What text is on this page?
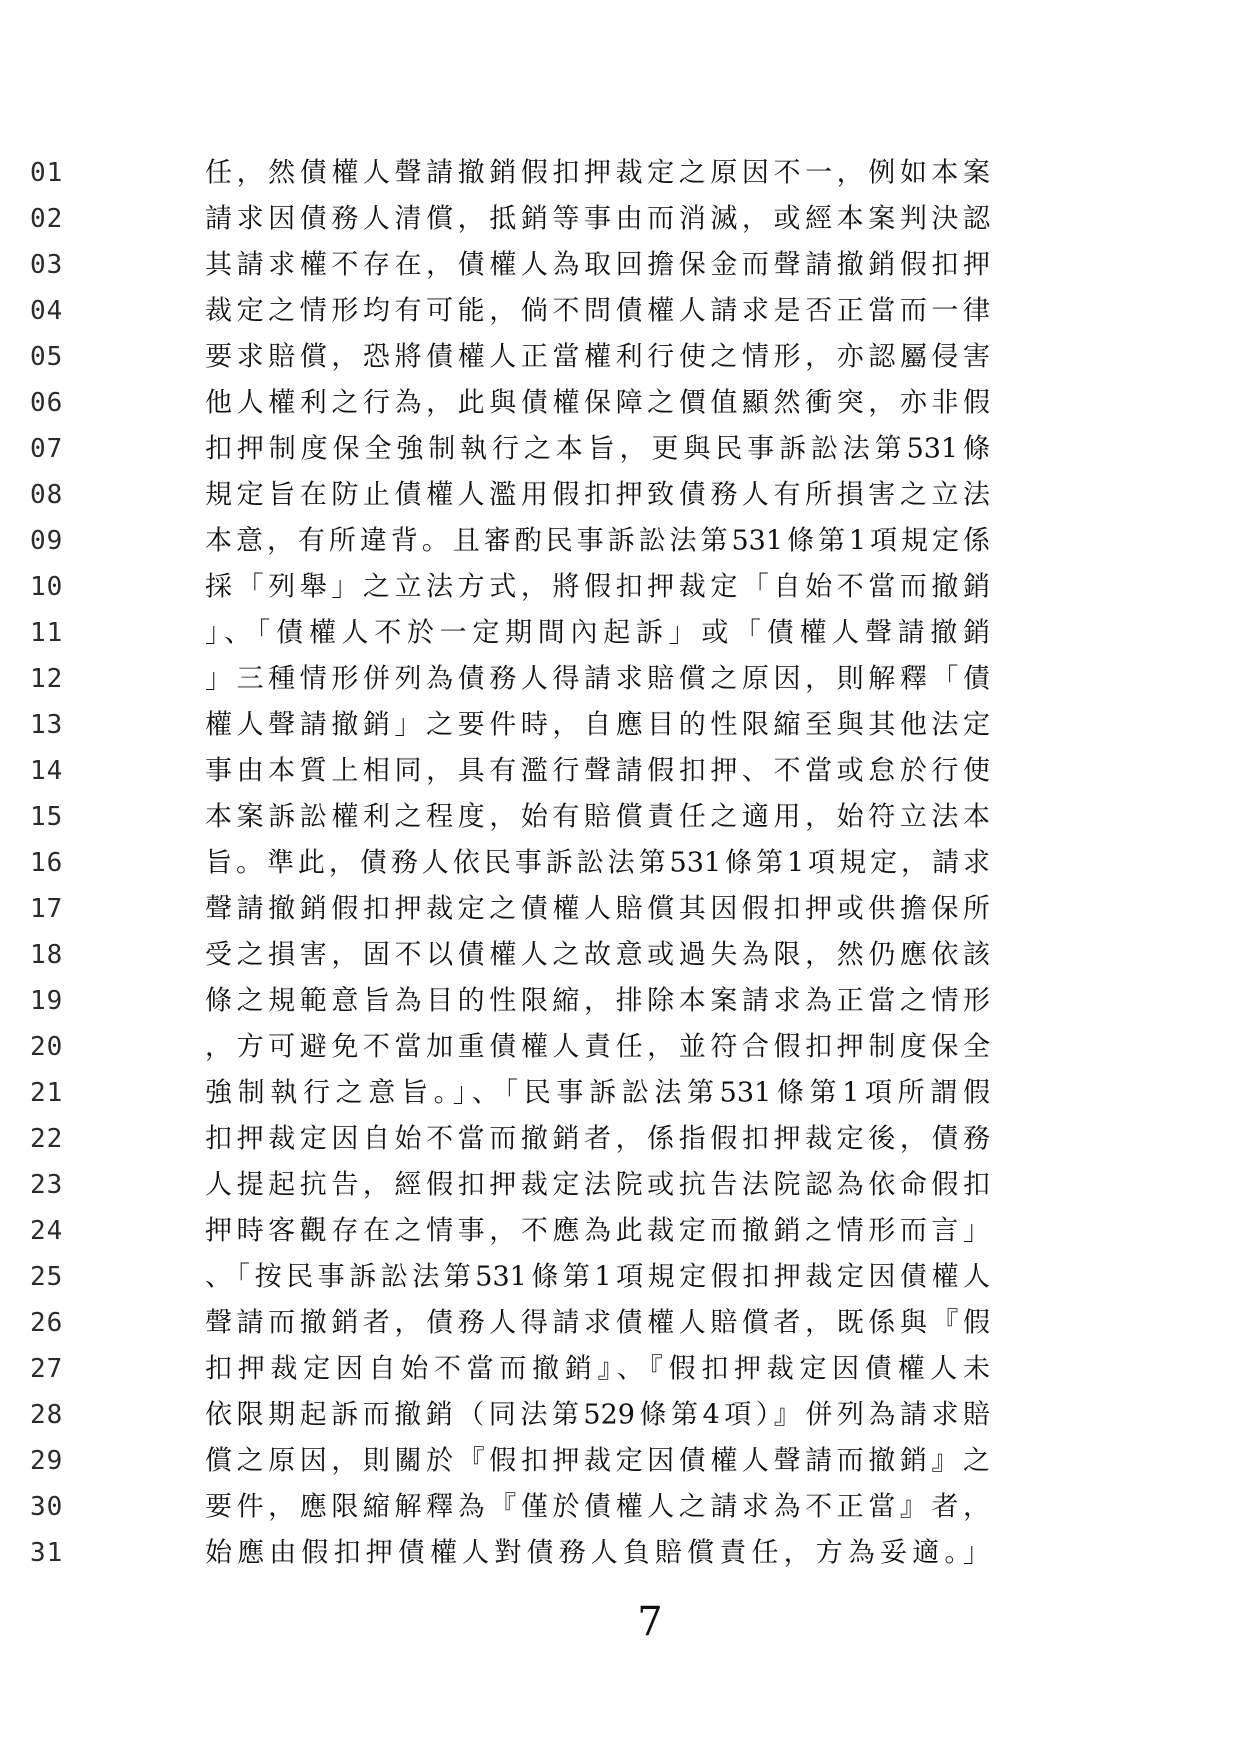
01	任，然債權人聲請撤銷假扣押裁定之原因不一，例如本案
02	請求因債務人清償，抵銷等事由而消滅，或經本案判決認
03	其請求權不存在，債權人為取回擔保金而聲請撤銷假扣押
04	裁定之情形均有可能，倘不問債權人請求是否正當而一律
05	要求賠償，恐將債權人正當權利行使之情形，亦認屬侵害
06	他人權利之行為，此與債權保障之價值顯然衝突，亦非假
07	扣押制度保全強制執行之本旨，更與民事訴訟法第531條
08	規定旨在防止債權人濫用假扣押致債務人有所損害之立法
09	本意，有所違背。且審酌民事訴訟法第531條第1項規定係
10	採「列舉」之立法方式，將假扣押裁定「自始不當而撤銷
11	」、「債權人不於一定期間內起訴」或「債權人聲請撤銷
12	」三種情形併列為債務人得請求賠償之原因，則解釋「債
13	權人聲請撤銷」之要件時，自應目的性限縮至與其他法定
14	事由本質上相同，具有濫行聲請假扣押、不當或怠於行使
15	本案訴訟權利之程度，始有賠償責任之適用，始符立法本
16	旨。準此，債務人依民事訴訟法第531條第1項規定，請求
17	聲請撤銷假扣押裁定之債權人賠償其因假扣押或供擔保所
18	受之損害，固不以債權人之故意或過失為限，然仍應依該
19	條之規範意旨為目的性限縮，排除本案請求為正當之情形
20	，方可避免不當加重債權人責任，並符合假扣押制度保全
21	強制執行之意旨。」、「民事訴訟法第531條第1項所謂假
22	扣押裁定因自始不當而撤銷者，係指假扣押裁定後，債務
23	人提起抗告，經假扣押裁定法院或抗告法院認為依命假扣
24	押時客觀存在之情事，不應為此裁定而撤銷之情形而言」
25	、「按民事訴訟法第531條第1項規定假扣押裁定因債權人
26	聲請而撤銷者，債務人得請求債權人賠償者，既係與『假
27	扣押裁定因自始不當而撤銷』、『假扣押裁定因債權人未
28	依限期起訴而撤銷（同法第529條第4項）』併列為請求賠
29	償之原因，則關於『假扣押裁定因債權人聲請而撤銷』之
30	要件，應限縮解釋為『僅於債權人之請求為不正當』者，
31	始應由假扣押債權人對債務人負賠償責任，方為妥適。」
7
